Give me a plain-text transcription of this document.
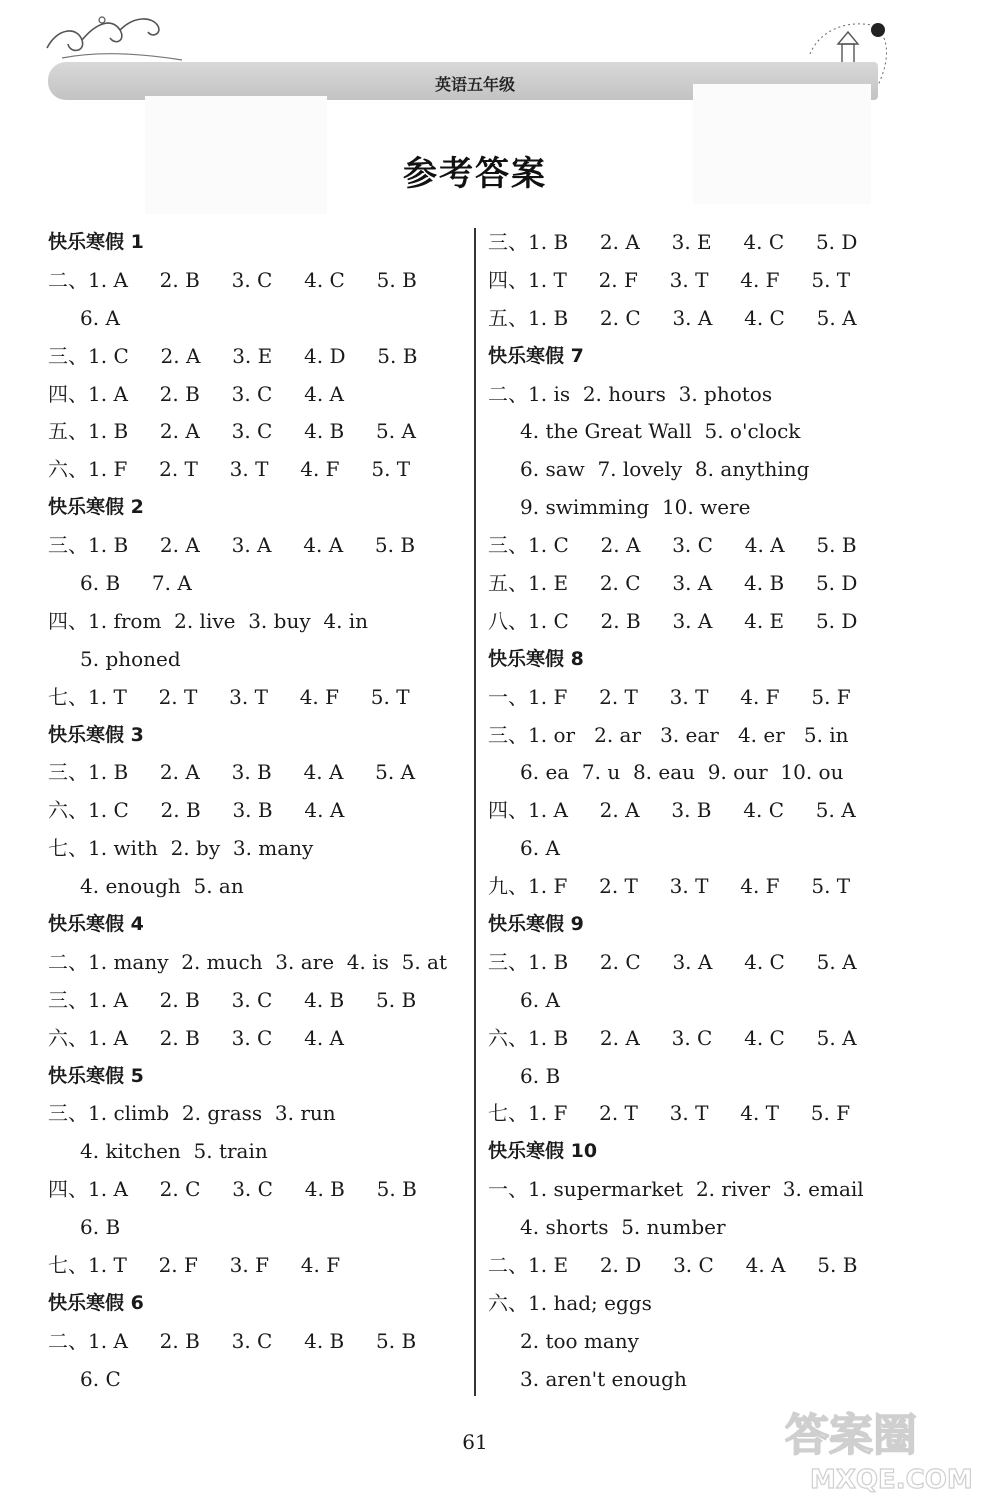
英语五年级
参考答案
快乐寒假 1
二、1. A     2. B     3. C     4. C     5. B
6. A
三、1. C     2. A     3. E     4. D     5. B
四、1. A     2. B     3. C     4. A
五、1. B     2. A     3. C     4. B     5. A
六、1. F     2. T     3. T     4. F     5. T
快乐寒假 2
三、1. B     2. A     3. A     4. A     5. B
6. B     7. A
四、1. from  2. live  3. buy  4. in
5. phoned
七、1. T     2. T     3. T     4. F     5. T
快乐寒假 3
三、1. B     2. A     3. B     4. A     5. A
六、1. C     2. B     3. B     4. A
七、1. with  2. by  3. many
4. enough  5. an
快乐寒假 4
二、1. many  2. much  3. are  4. is  5. at
三、1. A     2. B     3. C     4. B     5. B
六、1. A     2. B     3. C     4. A
快乐寒假 5
三、1. climb  2. grass  3. run
4. kitchen  5. train
四、1. A     2. C     3. C     4. B     5. B
6. B
七、1. T     2. F     3. F     4. F
快乐寒假 6
二、1. A     2. B     3. C     4. B     5. B
6. C
三、1. B     2. A     3. E     4. C     5. D
四、1. T     2. F     3. T     4. F     5. T
五、1. B     2. C     3. A     4. C     5. A
快乐寒假 7
二、1. is  2. hours  3. photos
4. the Great Wall  5. o'clock
6. saw  7. lovely  8. anything
9. swimming  10. were
三、1. C     2. A     3. C     4. A     5. B
五、1. E     2. C     3. A     4. B     5. D
八、1. C     2. B     3. A     4. E     5. D
快乐寒假 8
一、1. F     2. T     3. T     4. F     5. F
三、1. or   2. ar   3. ear   4. er   5. in
6. ea  7. u  8. eau  9. our  10. ou
四、1. A     2. A     3. B     4. C     5. A
6. A
九、1. F     2. T     3. T     4. F     5. T
快乐寒假 9
三、1. B     2. C     3. A     4. C     5. A
6. A
六、1. B     2. A     3. C     4. C     5. A
6. B
七、1. F     2. T     3. T     4. T     5. F
快乐寒假 10
一、1. supermarket  2. river  3. email
4. shorts  5. number
二、1. E     2. D     3. C     4. A     5. B
六、1. had; eggs
2. too many
3. aren't enough
61	答案圈
MXQE.COM
